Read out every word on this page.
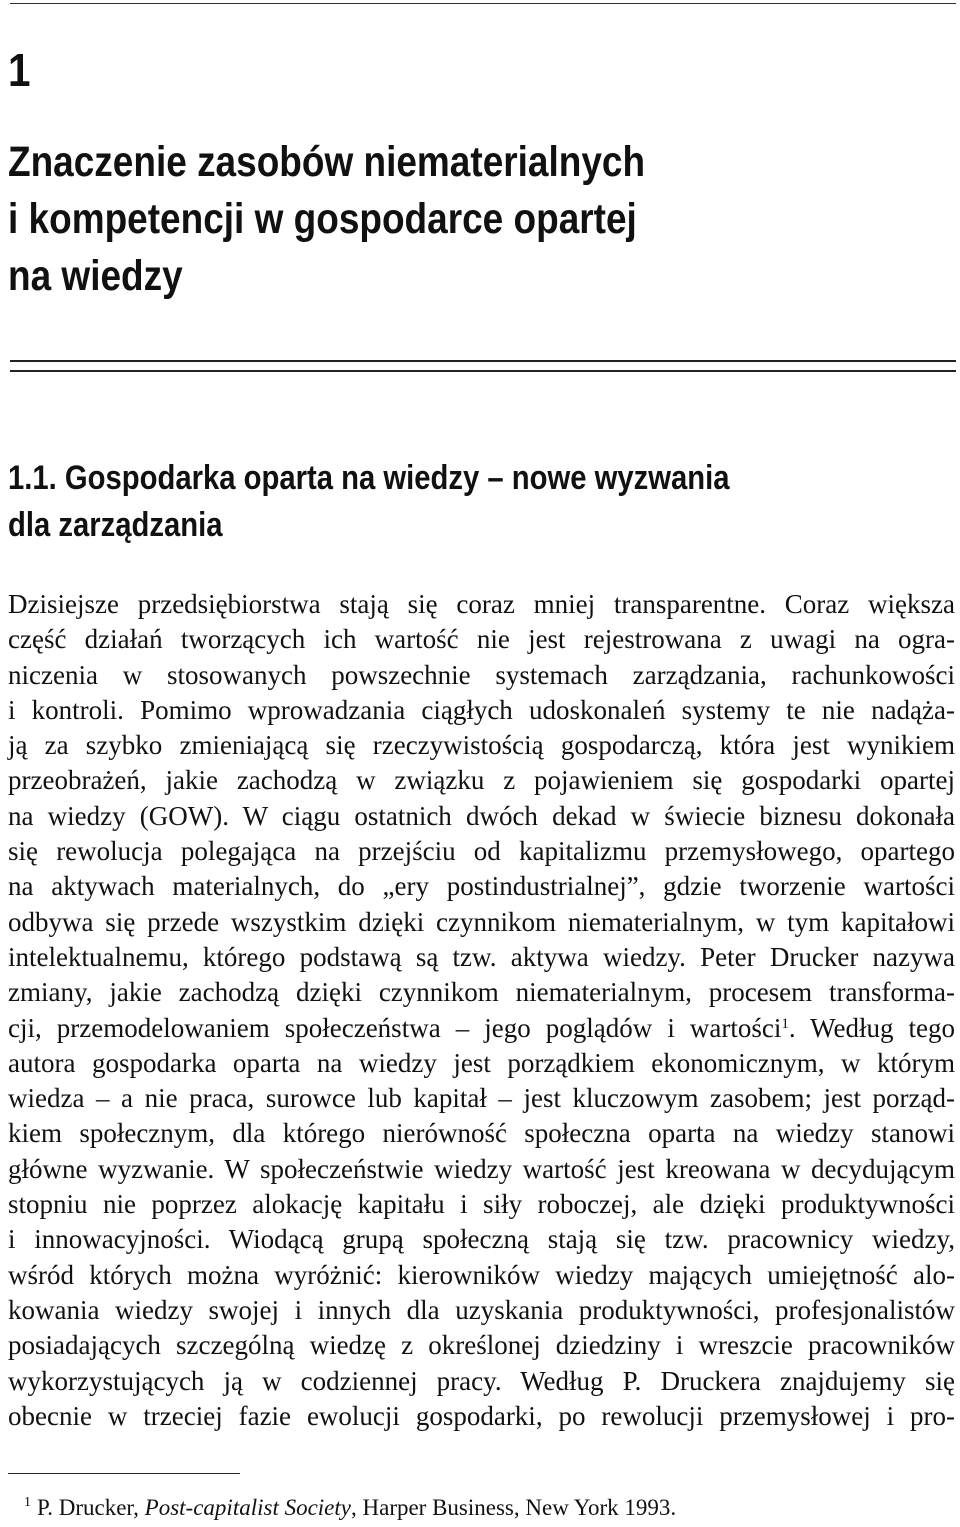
1
Znaczenie zasobów niematerialnych
i kompetencji w gospodarce opartej
na wiedzy
1.1. Gospodarka oparta na wiedzy – nowe wyzwania
dla zarządzania
Dzisiejsze przedsiębiorstwa stają się coraz mniej transparentne. Coraz większa
część działań tworzących ich wartość nie jest rejestrowana z uwagi na ogra-
niczenia w stosowanych powszechnie systemach zarządzania, rachunkowości
i kontroli. Pomimo wprowadzania ciągłych udoskonaleń systemy te nie nadąża-
ją za szybko zmieniającą się rzeczywistością gospodarczą, która jest wynikiem
przeobrażeń, jakie zachodzą w związku z pojawieniem się gospodarki opartej
na wiedzy (GOW). W ciągu ostatnich dwóch dekad w świecie biznesu dokonała
się rewolucja polegająca na przejściu od kapitalizmu przemysłowego, opartego
na aktywach materialnych, do „ery postindustrialnej”, gdzie tworzenie wartości
odbywa się przede wszystkim dzięki czynnikom niematerialnym, w tym kapitałowi
intelektualnemu, którego podstawą są tzw. aktywa wiedzy. Peter Drucker nazywa
zmiany, jakie zachodzą dzięki czynnikom niematerialnym, procesem transforma-
cji, przemodelowaniem społeczeństwa – jego poglądów i wartości$^1$. Według tego
autora gospodarka oparta na wiedzy jest porządkiem ekonomicznym, w którym
wiedza – a nie praca, surowce lub kapitał – jest kluczowym zasobem; jest porząd-
kiem społecznym, dla którego nierówność społeczna oparta na wiedzy stanowi
główne wyzwanie. W społeczeństwie wiedzy wartość jest kreowana w decydującym
stopniu nie poprzez alokację kapitału i siły roboczej, ale dzięki produktywności
i innowacyjności. Wiodącą grupą społeczną stają się tzw. pracownicy wiedzy,
wśród których można wyróżnić: kierowników wiedzy mających umiejętność alo-
kowania wiedzy swojej i innych dla uzyskania produktywności, profesjonalistów
posiadających szczególną wiedzę z określonej dziedziny i wreszcie pracowników
wykorzystujących ją w codziennej pracy. Według P. Druckera znajdujemy się
obecnie w trzeciej fazie ewolucji gospodarki, po rewolucji przemysłowej i pro-
$^1$ P. Drucker, Post-capitalist Society, Harper Business, New York 1993.
